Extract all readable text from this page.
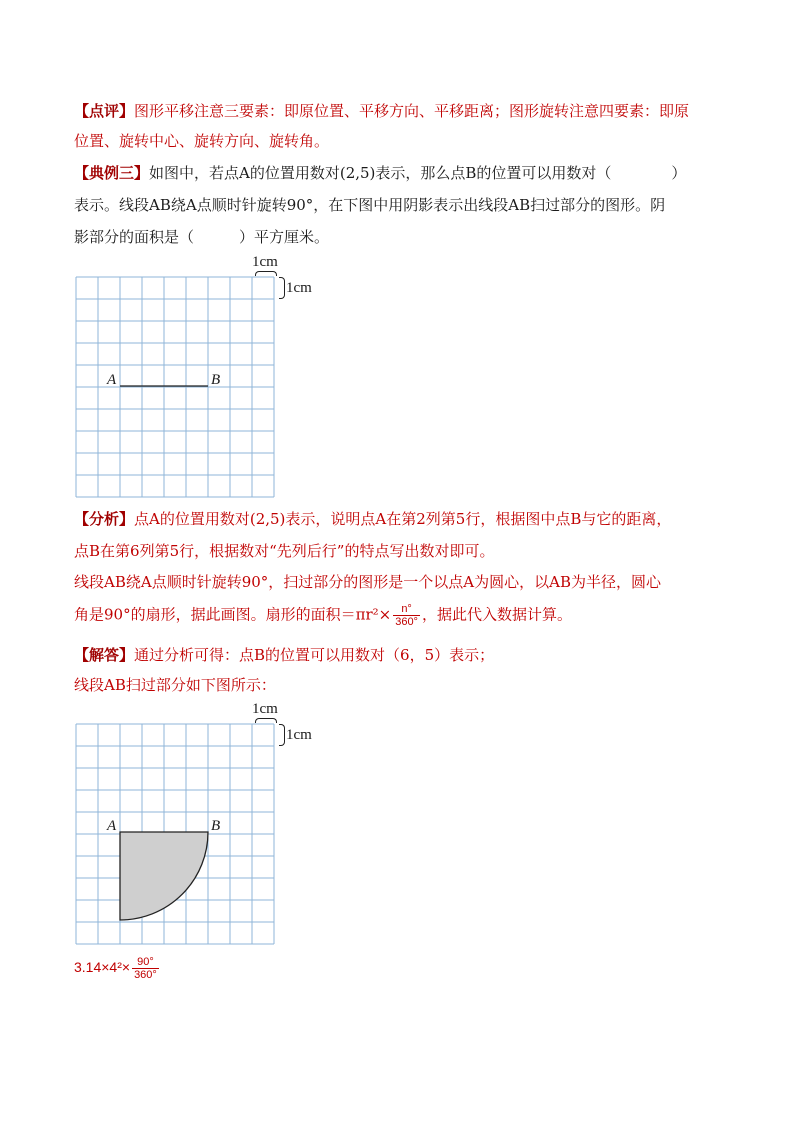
【点评】图形平移注意三要素：即原位置、平移方向、平移距离；图形旋转注意四要素：即原
位置、旋转中心、旋转方向、旋转角。
【典例三】如图中，若点A的位置用数对(2,5)表示，那么点B的位置可以用数对（　　　　）
表示。线段AB绕A点顺时针旋转90°，在下图中用阴影表示出线段AB扫过部分的图形。阴
影部分的面积是（　　　）平方厘米。
1cm
1cm
A	B
【分析】点A的位置用数对(2,5)表示，说明点A在第2列第5行，根据图中点B与它的距离，
点B在第6列第5行，根据数对“先列后行”的特点写出数对即可。
线段AB绕A点顺时针旋转90°，扫过部分的图形是一个以点A为圆心，以AB为半径，圆心
角是90°的扇形，据此画图。扇形的面积$=\pi r^2\times \frac{n^\circ}{360^\circ}$ ，据此代入数据计算。
【解答】通过分析可得：点B的位置可以用数对（6，5）表示；
线段AB扫过部分如下图所示：
1cm
1cm
A	B
$3.14\times 4^2\times \frac{90^\circ}{360^\circ}$
